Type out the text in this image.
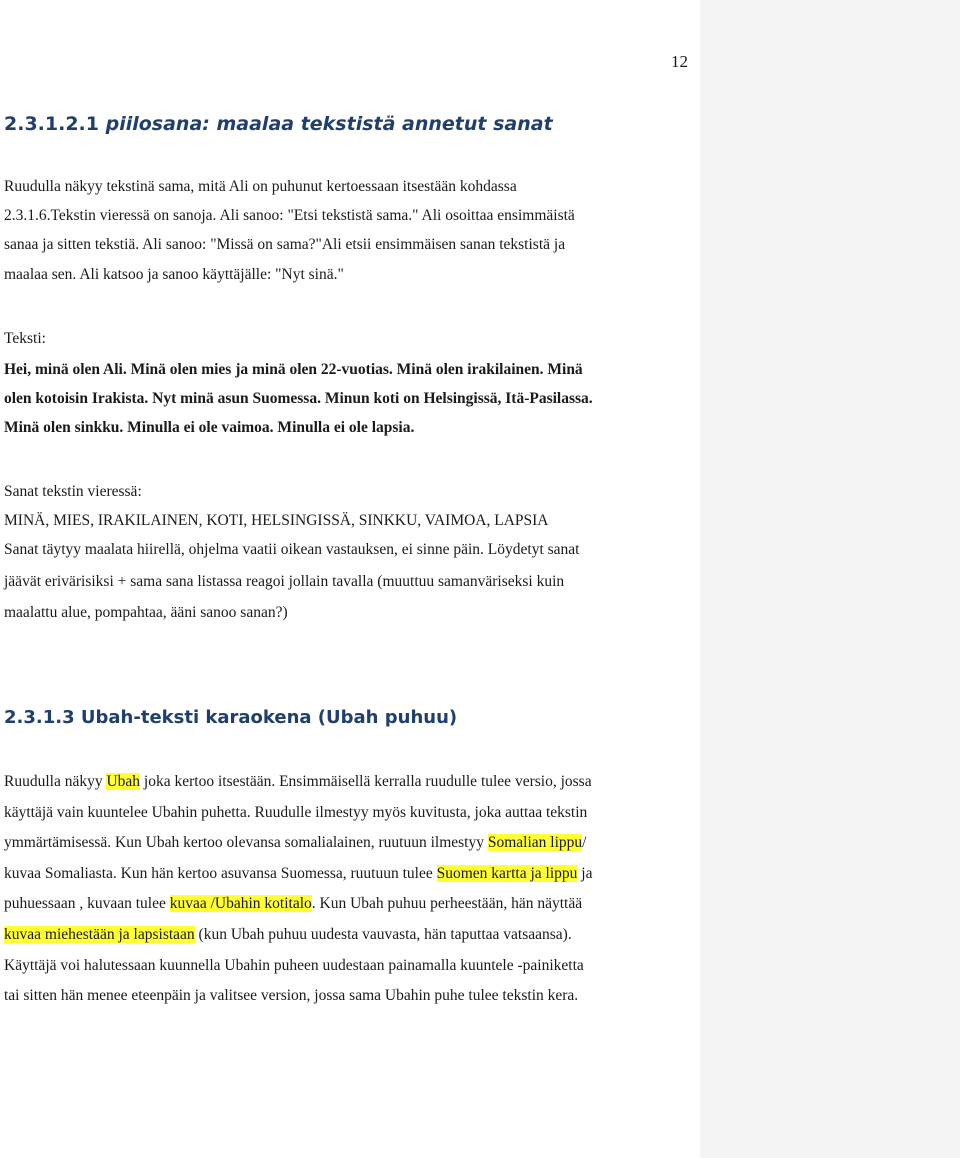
12
2.3.1.2.1 piilosana: maalaa tekstistä annetut sanat
Ruudulla näkyy tekstinä sama, mitä Ali on puhunut kertoessaan itsestään kohdassa
2.3.1.6.Tekstin vieressä on sanoja. Ali sanoo: "Etsi tekstistä sama." Ali osoittaa ensimmäistä
sanaa ja sitten tekstiä. Ali sanoo: "Missä on sama?"Ali etsii ensimmäisen sanan tekstistä ja
maalaa sen. Ali katsoo ja sanoo käyttäjälle: "Nyt sinä."
Teksti:
Hei, minä olen Ali. Minä olen mies ja minä olen 22-vuotias. Minä olen irakilainen. Minä
olen kotoisin Irakista. Nyt minä asun Suomessa. Minun koti on Helsingissä, Itä-Pasilassa.
Minä olen sinkku. Minulla ei ole vaimoa. Minulla ei ole lapsia.
Sanat tekstin vieressä:
MINÄ, MIES, IRAKILAINEN, KOTI, HELSINGISSÄ, SINKKU, VAIMOA, LAPSIA
Sanat täytyy maalata hiirellä, ohjelma vaatii oikean vastauksen, ei sinne päin. Löydetyt sanat
jäävät erivärisiksi + sama sana listassa reagoi jollain tavalla (muuttuu samanväriseksi kuin
maalattu alue, pompahtaa, ääni sanoo sanan?)
2.3.1.3 Ubah-teksti karaokena (Ubah puhuu)
Ruudulla näkyy Ubah joka kertoo itsestään. Ensimmäisellä kerralla ruudulle tulee versio, jossa
käyttäjä vain kuuntelee Ubahin puhetta. Ruudulle ilmestyy myös kuvitusta, joka auttaa tekstin
ymmärtämisessä. Kun Ubah kertoo olevansa somalialainen, ruutuun ilmestyy Somalian lippu/
kuvaa Somaliasta. Kun hän kertoo asuvansa Suomessa, ruutuun tulee Suomen kartta ja lippu ja
puhuessaan , kuvaan tulee kuvaa /Ubahin kotitalo. Kun Ubah puhuu perheestään, hän näyttää
kuvaa miehestään ja lapsistaan (kun Ubah puhuu uudesta vauvasta, hän taputtaa vatsaansa).
Käyttäjä voi halutessaan kuunnella Ubahin puheen uudestaan painamalla kuuntele -painiketta
tai sitten hän menee eteenpäin ja valitsee version, jossa sama Ubahin puhe tulee tekstin kera.
